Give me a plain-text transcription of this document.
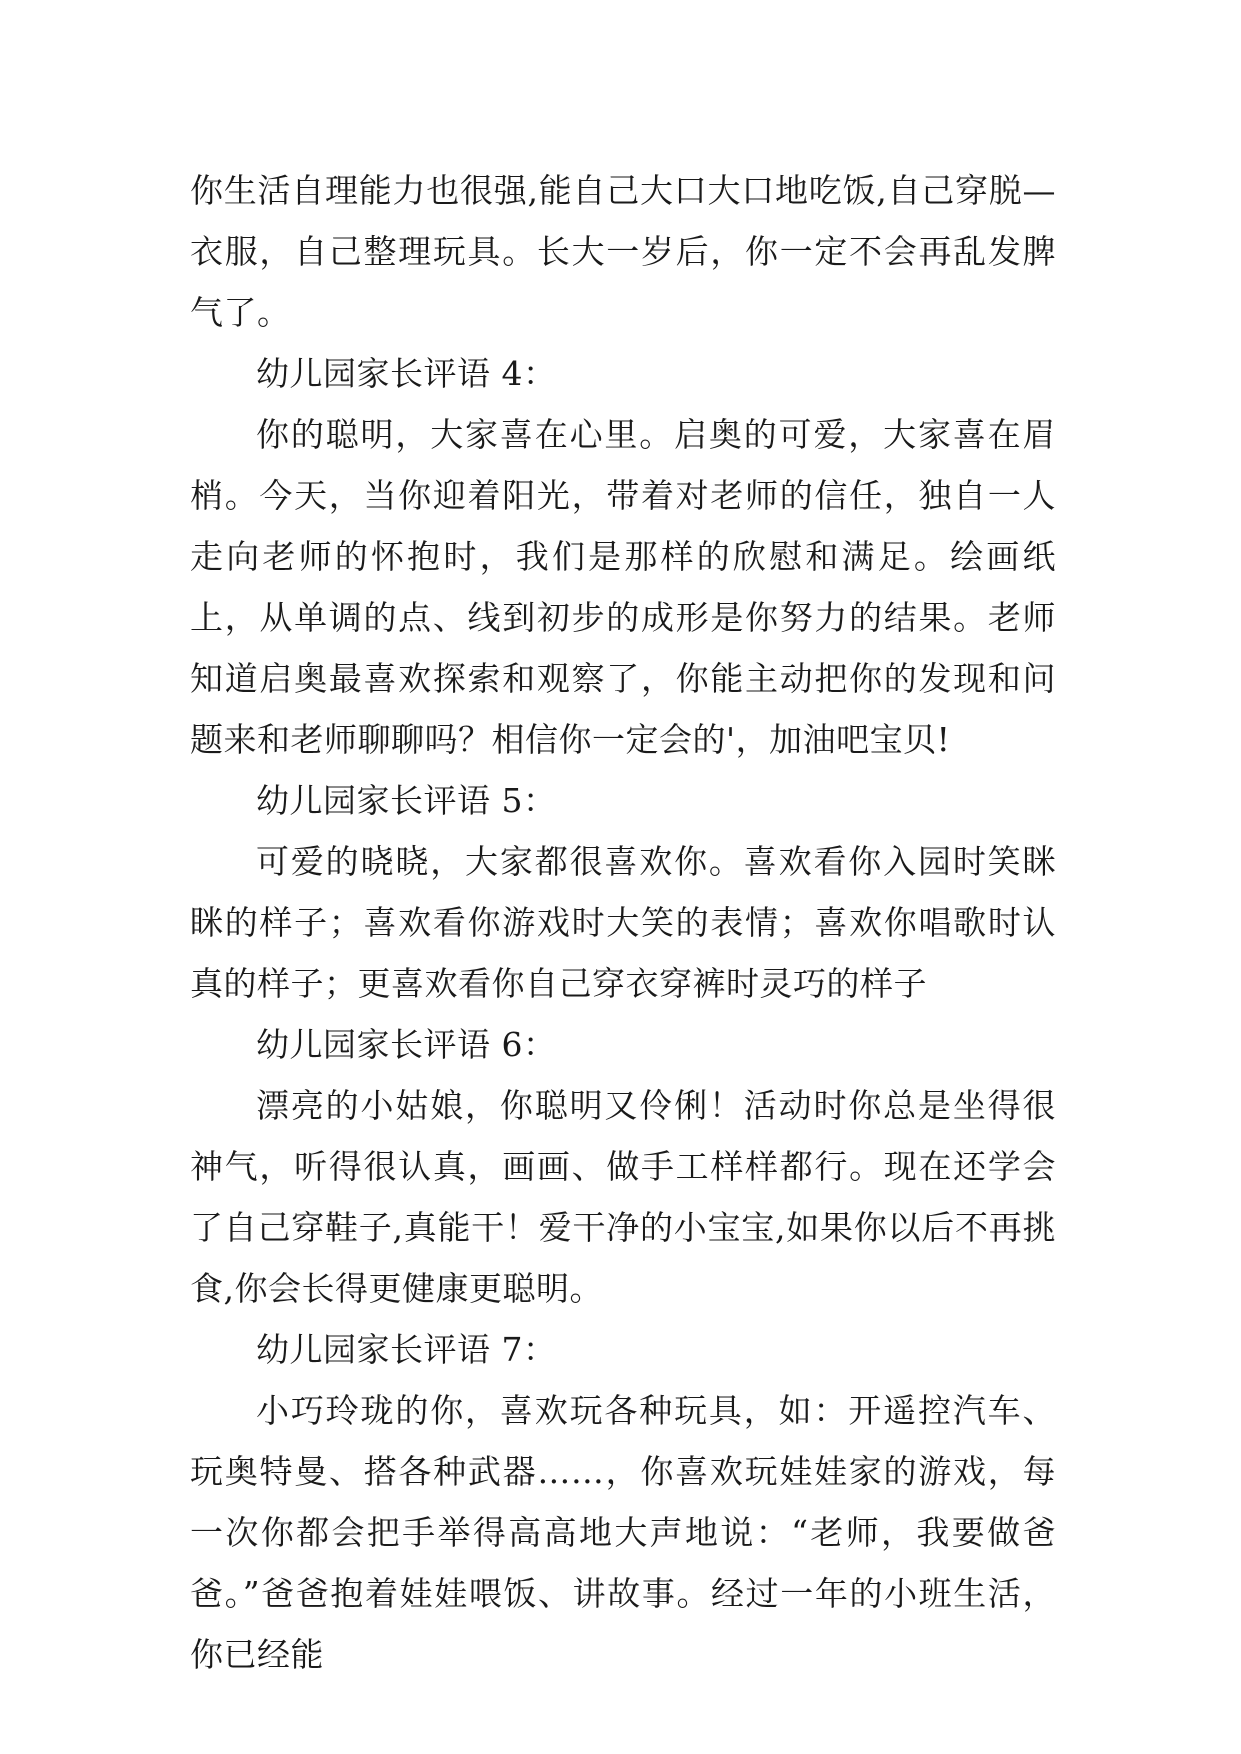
你生活自理能力也很强,能自己大口大口地吃饭,自己穿脱—衣服，自己整理玩具。长大一岁后，你一定不会再乱发脾气了。

幼儿园家长评语 4：

你的聪明，大家喜在心里。启奥的可爱，大家喜在眉梢。今天，当你迎着阳光，带着对老师的信任，独自一人走向老师的怀抱时，我们是那样的欣慰和满足。绘画纸上，从单调的点、线到初步的成形是你努力的结果。老师知道启奥最喜欢探索和观察了，你能主动把你的发现和问题来和老师聊聊吗？相信你一定会的'，加油吧宝贝!

幼儿园家长评语 5：

可爱的晓晓，大家都很喜欢你。喜欢看你入园时笑眯眯的样子；喜欢看你游戏时大笑的表情；喜欢你唱歌时认真的样子；更喜欢看你自己穿衣穿裤时灵巧的样子

幼儿园家长评语 6：

漂亮的小姑娘，你聪明又伶俐！活动时你总是坐得很神气，听得很认真，画画、做手工样样都行。现在还学会了自己穿鞋子,真能干！爱干净的小宝宝,如果你以后不再挑食,你会长得更健康更聪明。

幼儿园家长评语 7：

小巧玲珑的你，喜欢玩各种玩具，如：开遥控汽车、玩奥特曼、搭各种武器……，你喜欢玩娃娃家的游戏，每一次你都会把手举得高高地大声地说：“老师，我要做爸爸。”爸爸抱着娃娃喂饭、讲故事。经过一年的小班生活，你已经能
